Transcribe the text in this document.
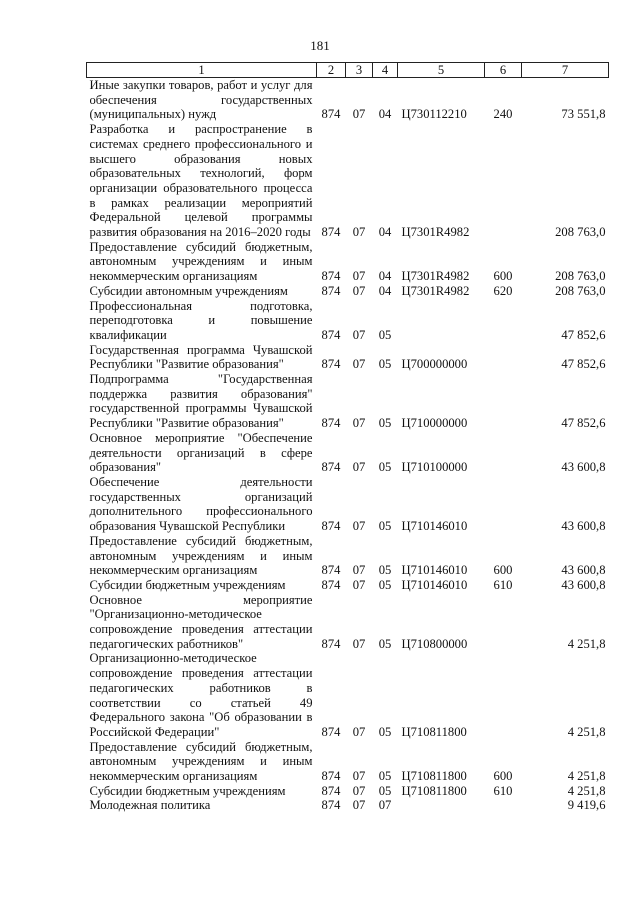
181
1	2	3	4	5	6	7
Иные закупки товаров, работ и услуг для обеспечения государственных (муниципальных) нужд	874	07	04	Ц730112210	240	73 551,8
Разработка и распространение в системах среднего профессионального и высшего образования новых образовательных технологий, форм организации образовательного процесса в рамках реализации мероприятий Федеральной целевой программы развития образования на 2016–2020 годы	874	07	04	Ц7301R4982		208 763,0
Предоставление субсидий бюджетным, автономным учреждениям и иным некоммерческим организациям	874	07	04	Ц7301R4982	600	208 763,0
Субсидии автономным учреждениям	874	07	04	Ц7301R4982	620	208 763,0
Профессиональная подготовка, переподготовка и повышение квалификации	874	07	05			47 852,6
Государственная программа Чувашской Республики "Развитие образования"	874	07	05	Ц700000000		47 852,6
Подпрограмма "Государственная поддержка развития образования" государственной программы Чувашской Республики "Развитие образования"	874	07	05	Ц710000000		47 852,6
Основное мероприятие "Обеспечение деятельности организаций в сфере образования"	874	07	05	Ц710100000		43 600,8
Обеспечение деятельности государственных организаций дополнительного профессионального образования Чувашской Республики	874	07	05	Ц710146010		43 600,8
Предоставление субсидий бюджетным, автономным учреждениям и иным некоммерческим организациям	874	07	05	Ц710146010	600	43 600,8
Субсидии бюджетным учреждениям	874	07	05	Ц710146010	610	43 600,8
Основное мероприятие "Организационно-методическое сопровождение проведения аттестации педагогических работников"	874	07	05	Ц710800000		4 251,8
Организационно-методическое сопровождение проведения аттестации педагогических работников в соответствии со статьей 49 Федерального закона "Об образовании в Российской Федерации"	874	07	05	Ц710811800		4 251,8
Предоставление субсидий бюджетным, автономным учреждениям и иным некоммерческим организациям	874	07	05	Ц710811800	600	4 251,8
Субсидии бюджетным учреждениям	874	07	05	Ц710811800	610	4 251,8
Молодежная политика	874	07	07			9 419,6
